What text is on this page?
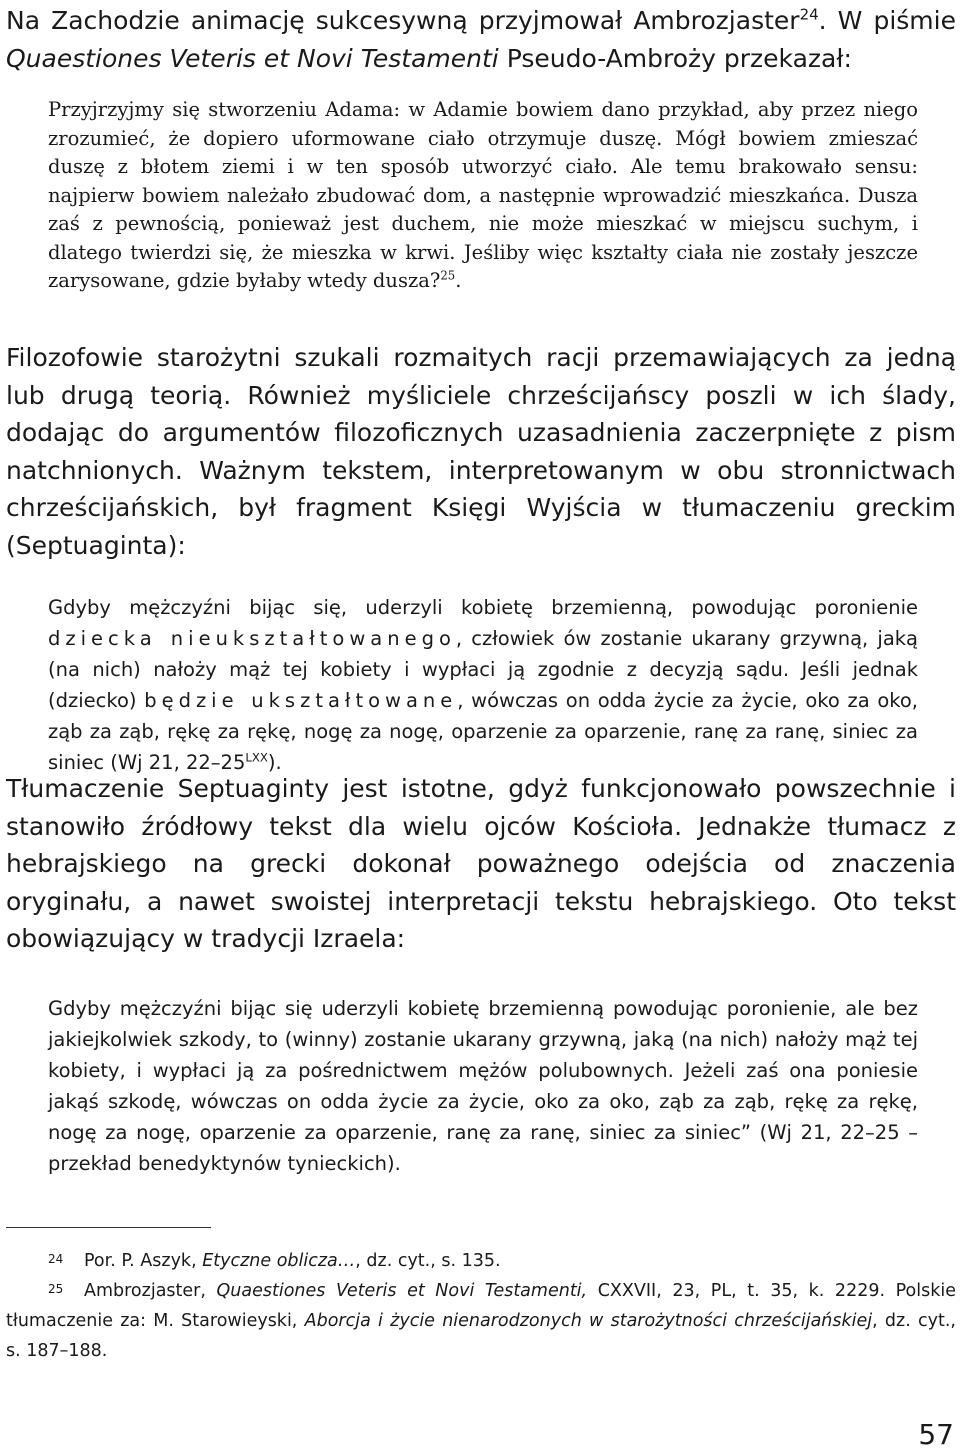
Na Zachodzie animację sukcesywną przyjmował Ambrozjaster$^{24}$. W piśmie Quaestiones Veteris et Novi Testamenti Pseudo-Ambroży przekazał:

Przyjrzyjmy się stworzeniu Adama: w Adamie bowiem dano przykład, aby przez niego zrozumieć, że dopiero uformowane ciało otrzymuje duszę. Mógł bowiem zmieszać duszę z błotem ziemi i w ten sposób utworzyć ciało. Ale temu brakowało sensu: najpierw bowiem należało zbudować dom, a następnie wprowadzić mieszkańca. Dusza zaś z pewnością, ponieważ jest duchem, nie może mieszkać w miejscu suchym, i dlatego twierdzi się, że mieszka w krwi. Jeśliby więc kształty ciała nie zostały jeszcze zarysowane, gdzie byłaby wtedy dusza?$^{25}$.

Filozofowie starożytni szukali rozmaitych racji przemawiających za jedną lub drugą teorią. Również myśliciele chrześcijańscy poszli w ich ślady, dodając do argumentów filozoficznych uzasadnienia zaczerpnięte z pism natchnionych. Ważnym tekstem, interpretowanym w obu stronnictwach chrześcijańskich, był fragment Księgi Wyjścia w tłumaczeniu greckim (Septuaginta):

Gdyby mężczyźni bijąc się, uderzyli kobietę brzemienną, powodując poronienie dziecka nieukształtowanego, człowiek ów zostanie ukarany grzywną, jaką (na nich) nałoży mąż tej kobiety i wypłaci ją zgodnie z decyzją sądu. Jeśli jednak (dziecko) będzie ukształtowane, wówczas on odda życie za życie, oko za oko, ząb za ząb, rękę za rękę, nogę za nogę, oparzenie za oparzenie, ranę za ranę, siniec za siniec (Wj 21, $22-25^{LXX}$).

Tłumaczenie Septuaginty jest istotne, gdyż funkcjonowało powszechnie i stanowiło źródłowy tekst dla wielu ojców Kościoła. Jednakże tłumacz z hebrajskiego na grecki dokonał poważnego odejścia od znaczenia oryginału, a nawet swoistej interpretacji tekstu hebrajskiego. Oto tekst obowiązujący w tradycji Izraela:

Gdyby mężczyźni bijąc się uderzyli kobietę brzemienną powodując poronienie, ale bez jakiejkolwiek szkody, to (winny) zostanie ukarany grzywną, jaką (na nich) nałoży mąż tej kobiety, i wypłaci ją za pośrednictwem mężów polubownych. Jeżeli zaś ona poniesie jakąś szkodę, wówczas on odda życie za życie, oko za oko, ząb za ząb, rękę za rękę, nogę za nogę, oparzenie za oparzenie, ranę za ranę, siniec za siniec” (Wj 21, 22–25 – przekład benedyktynów tynieckich).

24 Por. P. Aszyk, Etyczne oblicza…, dz. cyt., s. 135.

25 Ambrozjaster, Quaestiones Veteris et Novi Testamenti, CXXVII, 23, PL, t. 35, k. 2229. Polskie tłumaczenie za: M. Starowieyski, Aborcja i życie nienarodzonych w starożytności chrześcijańskiej, dz. cyt., s. 187–188.

57
